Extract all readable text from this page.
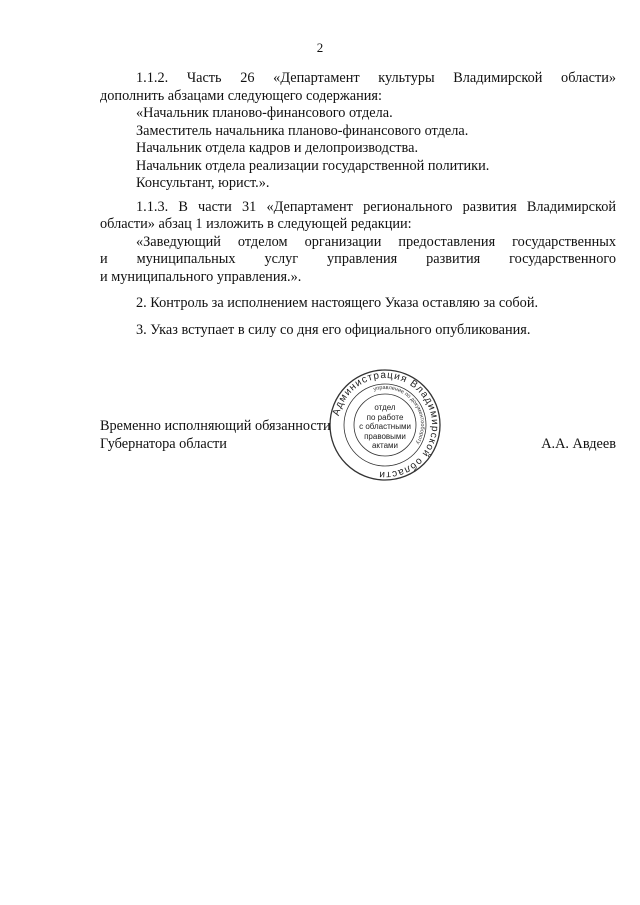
2

1.1.2. Часть 26 «Департамент культуры Владимирской области»

дополнить абзацами следующего содержания:

«Начальник планово-финансового отдела.

Заместитель начальника планово-финансового отдела.

Начальник отдела кадров и делопроизводства.

Начальник отдела реализации государственной политики.

Консультант, юрист.».

1.1.3. В части 31 «Департамент регионального развития Владимирской

области» абзац 1 изложить в следующей редакции:

«Заведующий отделом организации предоставления государственных

и муниципальных услуг управления развития государственного

и муниципального управления.».

2. Контроль за исполнением настоящего Указа оставляю за собой.

3. Указ вступает в силу со дня его официального опубликования.

Администрация Владимирской области
управление по документообороту
отдел
по работе
с областными
правовыми
актами
Временно исполняющий обязанности
Губернатора области	А.А. Авдеев
